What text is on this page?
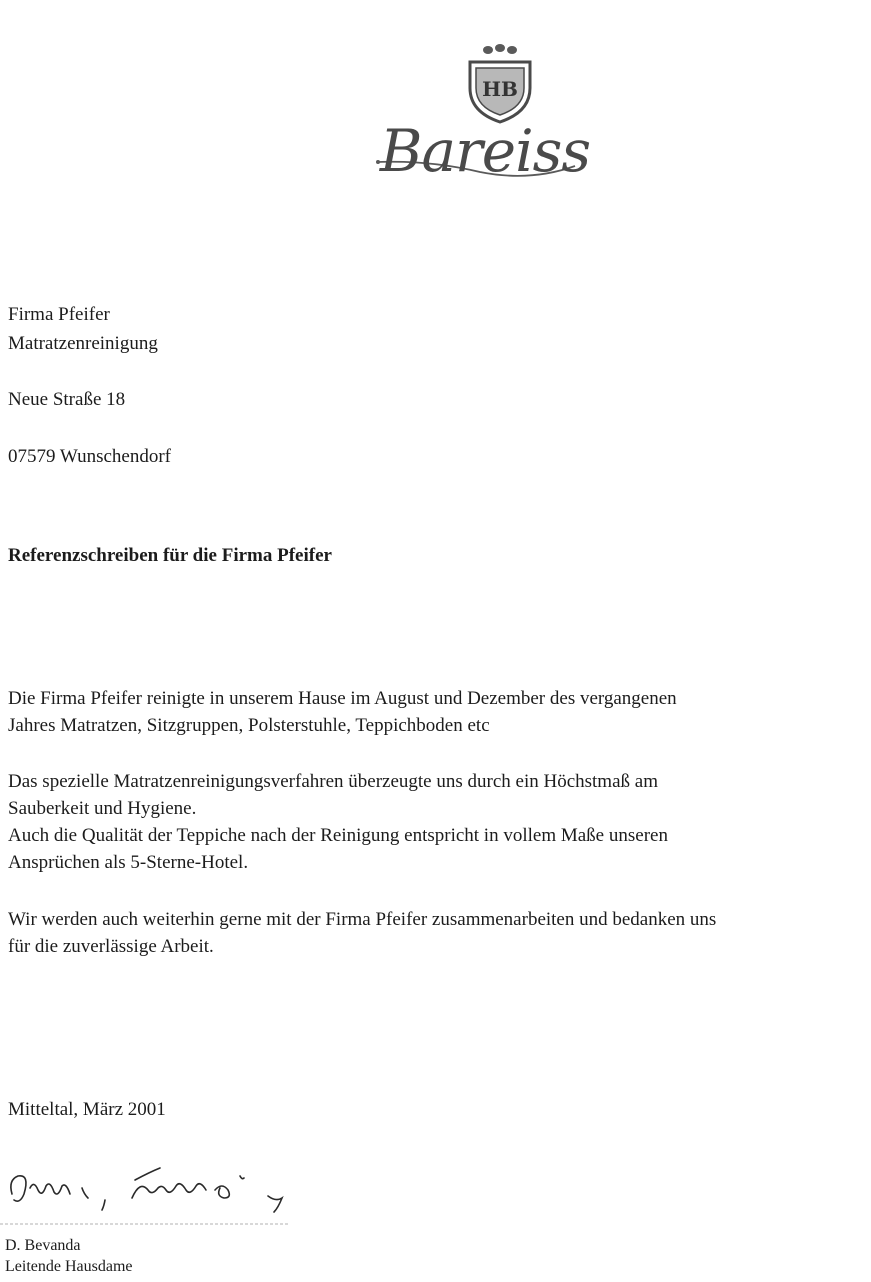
HB
Bareiss
Firma Pfeifer
Matratzenreinigung
Neue Straße 18
07579 Wunschendorf
Referenzschreiben für die Firma Pfeifer
Die Firma Pfeifer reinigte in unserem Hause im August und Dezember des vergangenen
Jahres Matratzen, Sitzgruppen, Polsterstuhle, Teppichboden etc
Das spezielle Matratzenreinigungsverfahren überzeugte uns durch ein Höchstmaß am
Sauberkeit und Hygiene.
Auch die Qualität der Teppiche nach der Reinigung entspricht in vollem Maße unseren
Ansprüchen als 5-Sterne-Hotel.
Wir werden auch weiterhin gerne mit der Firma Pfeifer zusammenarbeiten und bedanken uns
für die zuverlässige Arbeit.
Mitteltal, März 2001
D. Bevanda
Leitende Hausdame
